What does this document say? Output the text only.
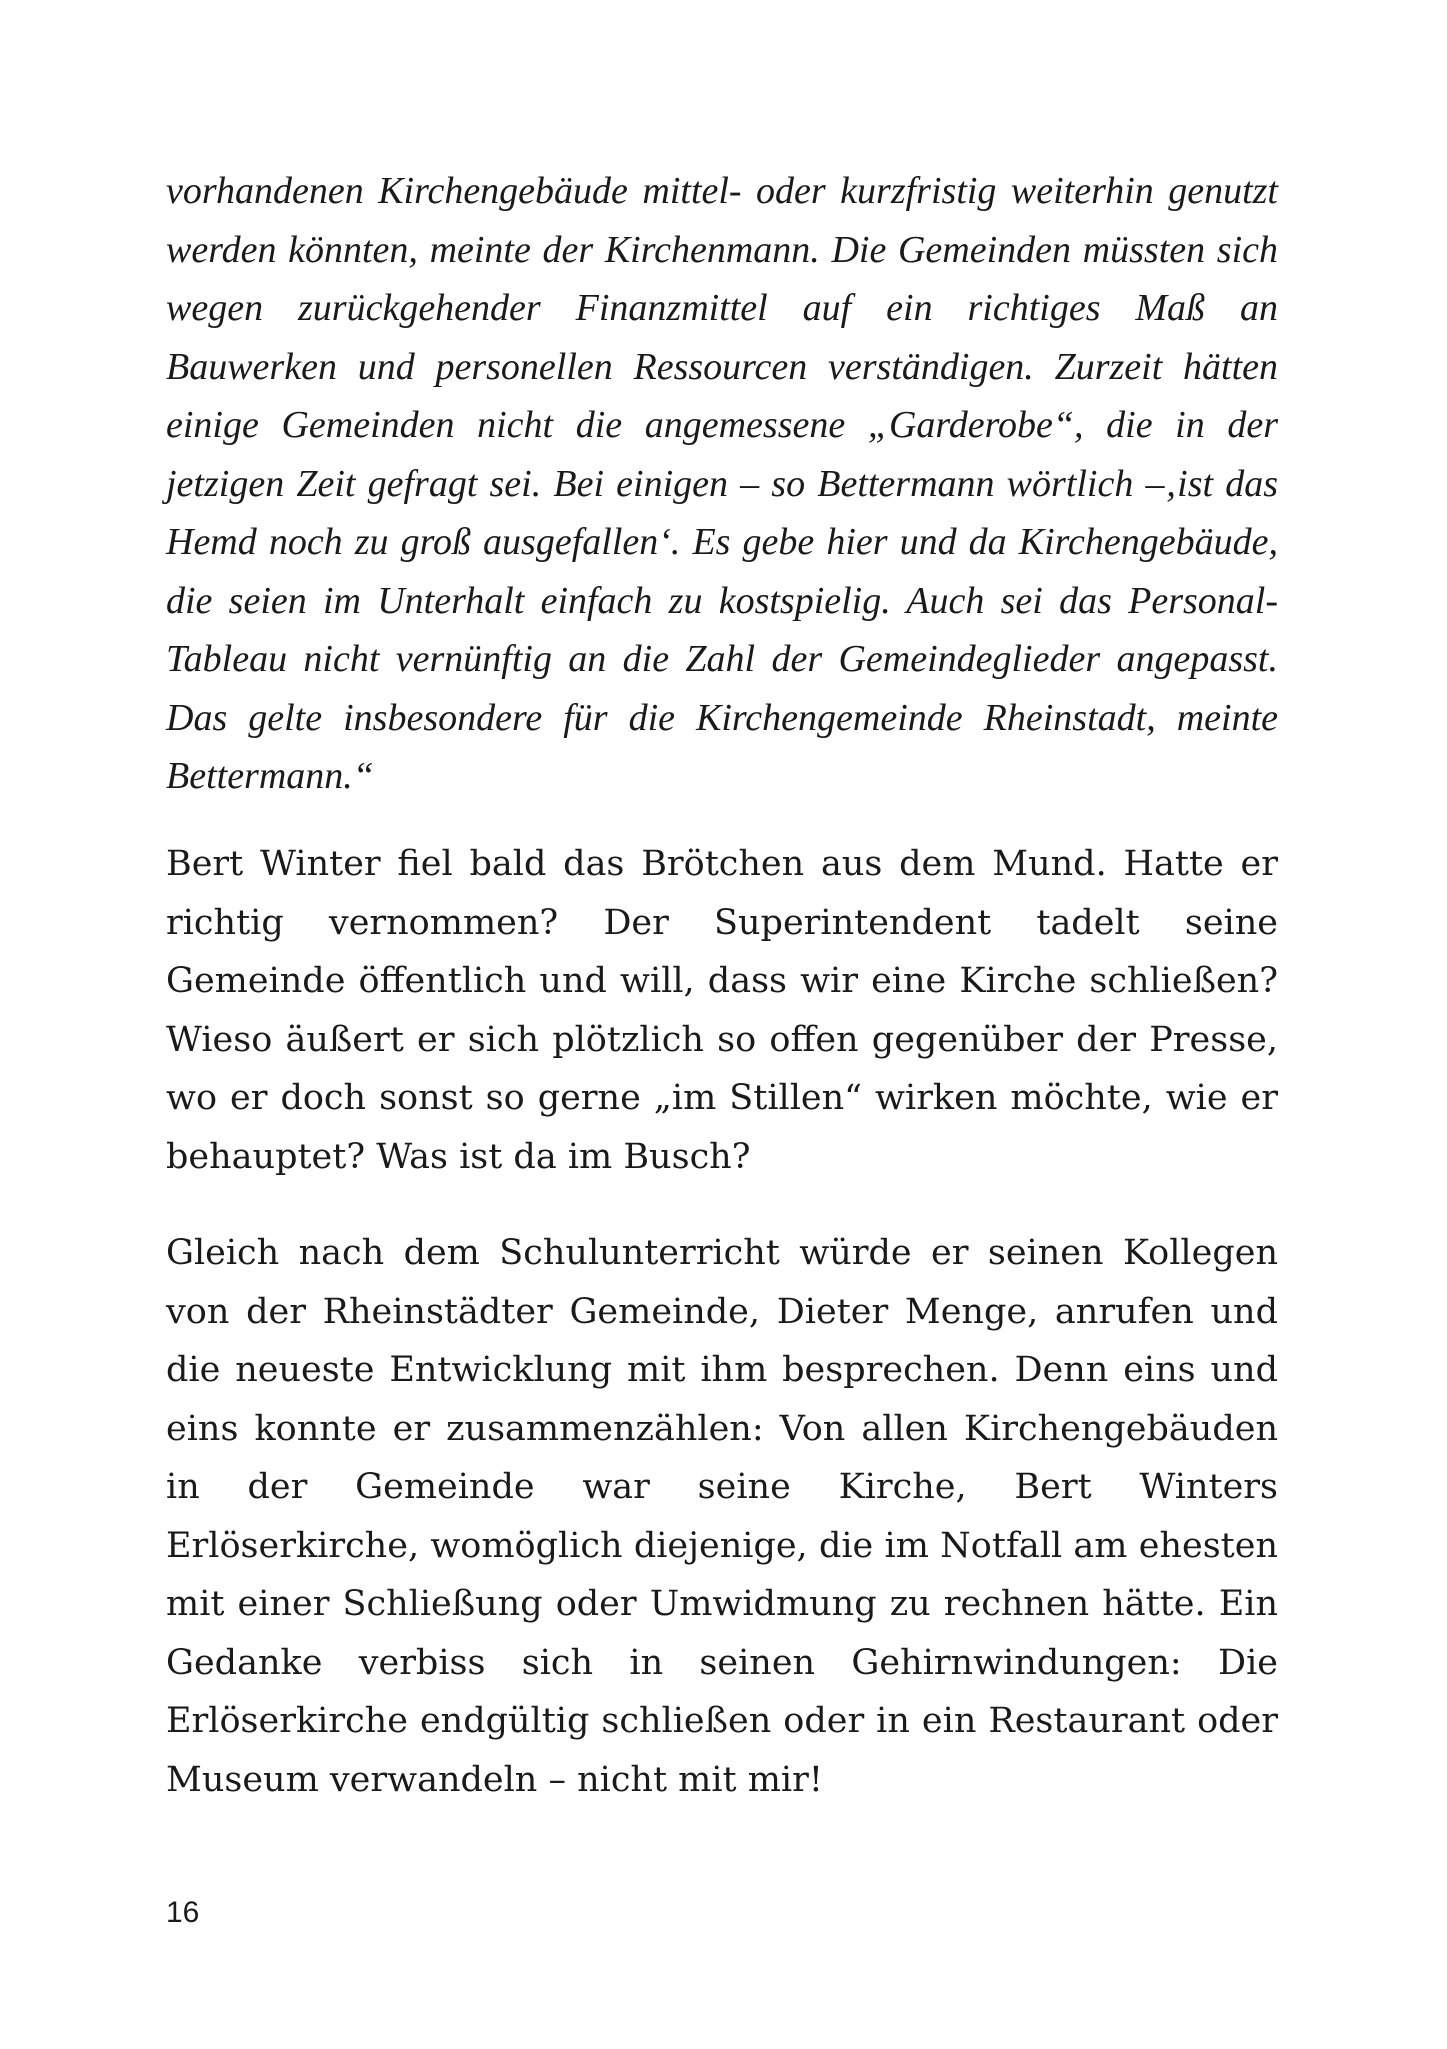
vorhandenen Kirchengebäude mittel- oder kurzfristig weiterhin genutzt werden könnten, meinte der Kirchenmann. Die Gemeinden müssten sich wegen zurückgehender Finanzmittel auf ein richtiges Maß an Bauwerken und personellen Ressourcen verständigen. Zurzeit hätten einige Gemeinden nicht die angemessene „Garderobe“, die in der jetzigen Zeit gefragt sei. Bei einigen – so Bettermann wörtlich –‚ist das Hemd noch zu groß ausgefallen‘. Es gebe hier und da Kirchengebäude, die seien im Unterhalt einfach zu kostspielig. Auch sei das Personal-Tableau nicht vernünftig an die Zahl der Gemeindeglieder angepasst. Das gelte insbesondere für die Kirchengemeinde Rheinstadt, meinte Bettermann.“

Bert Winter fiel bald das Brötchen aus dem Mund. Hatte er richtig vernommen? Der Superintendent tadelt seine Gemeinde öffentlich und will, dass wir eine Kirche schließen? Wieso äußert er sich plötzlich so offen gegenüber der Presse, wo er doch sonst so gerne „im Stillen“ wirken möchte, wie er behauptet? Was ist da im Busch?

Gleich nach dem Schulunterricht würde er seinen Kollegen von der Rheinstädter Gemeinde, Dieter Menge, anrufen und die neueste Entwicklung mit ihm besprechen. Denn eins und eins konnte er zusammenzählen: Von allen Kirchengebäuden in der Gemeinde war seine Kirche, Bert Winters Erlöserkirche, womöglich diejenige, die im Notfall am ehesten mit einer Schließung oder Umwidmung zu rechnen hätte. Ein Gedanke verbiss sich in seinen Gehirnwindungen: Die Erlöserkirche endgültig schließen oder in ein Restaurant oder Museum verwandeln – nicht mit mir!

16
